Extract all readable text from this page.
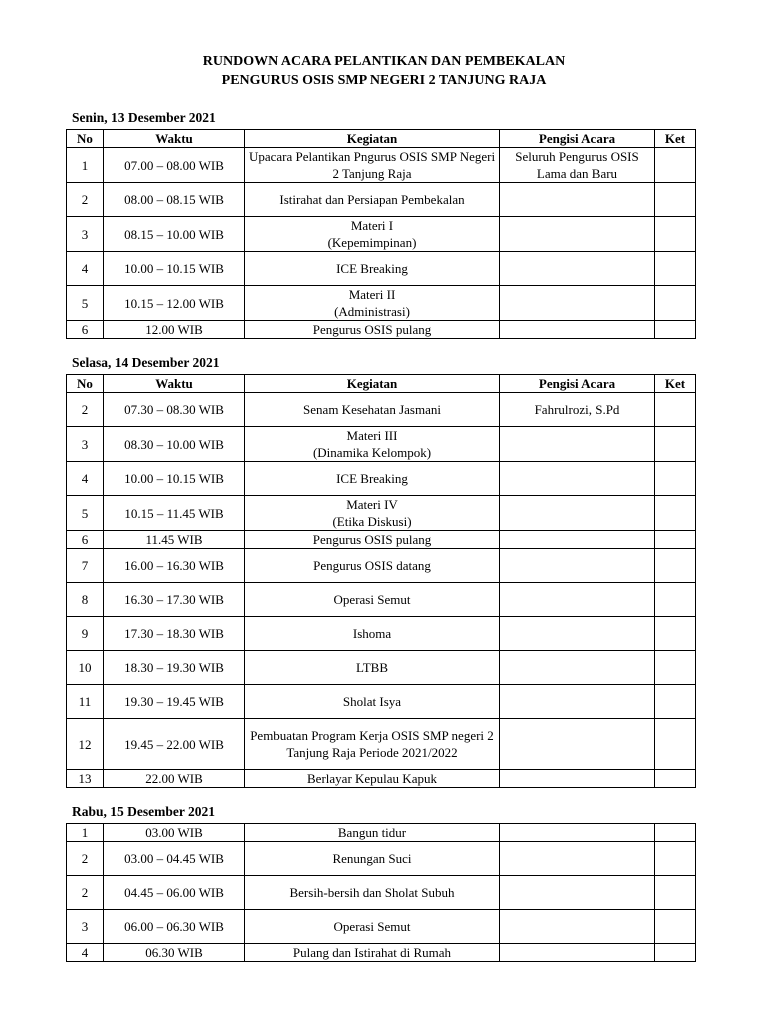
RUNDOWN ACARA PELANTIKAN DAN PEMBEKALAN
PENGURUS OSIS SMP NEGERI 2 TANJUNG RAJA
Senin, 13 Desember 2021
No	Waktu	Kegiatan	Pengisi Acara	Ket
1	07.00 – 08.00 WIB	Upacara Pelantikan Pngurus OSIS SMP Negeri 2 Tanjung Raja	Seluruh Pengurus OSIS Lama dan Baru	
2	08.00 – 08.15 WIB	Istirahat dan Persiapan Pembekalan		
3	08.15 – 10.00 WIB	Materi I
(Kepemimpinan)		
4	10.00 – 10.15 WIB	ICE Breaking		
5	10.15 – 12.00 WIB	Materi II
(Administrasi)		
6	12.00 WIB	Pengurus OSIS pulang		
Selasa, 14 Desember 2021
No	Waktu	Kegiatan	Pengisi Acara	Ket
2	07.30 – 08.30 WIB	Senam Kesehatan Jasmani	Fahrulrozi, S.Pd	
3	08.30 – 10.00 WIB	Materi III
(Dinamika Kelompok)		
4	10.00 – 10.15 WIB	ICE Breaking		
5	10.15 – 11.45 WIB	Materi IV
(Etika Diskusi)		
6	11.45 WIB	Pengurus OSIS pulang		
7	16.00 – 16.30 WIB	Pengurus OSIS datang		
8	16.30 – 17.30 WIB	Operasi Semut		
9	17.30 – 18.30 WIB	Ishoma		
10	18.30 – 19.30 WIB	LTBB		
11	19.30 – 19.45 WIB	Sholat Isya		
12	19.45 – 22.00 WIB	Pembuatan Program Kerja OSIS SMP negeri 2 Tanjung Raja Periode 2021/2022		
13	22.00 WIB	Berlayar Kepulau Kapuk		
Rabu, 15 Desember 2021
1	03.00 WIB	Bangun tidur		
2	03.00 – 04.45 WIB	Renungan Suci		
2	04.45 – 06.00 WIB	Bersih-bersih dan Sholat Subuh		
3	06.00 – 06.30 WIB	Operasi Semut		
4	06.30 WIB	Pulang dan Istirahat di Rumah		
